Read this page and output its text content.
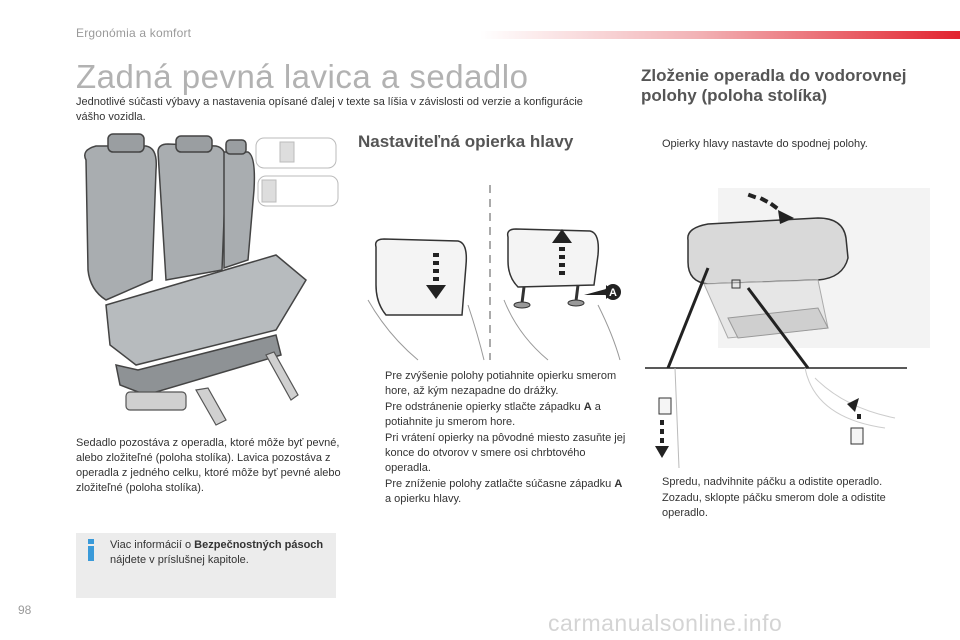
Ergonómia a komfort
Zadná pevná lavica a sedadlo
Jednotlivé súčasti výbavy a nastavenia opísané ďalej v texte sa líšia v závislosti od verzie a konfigurácie vášho vozidla.
A
Zloženie operadla do vodorovnej polohy (poloha stolíka)
Opierky hlavy nastavte do spodnej polohy.
Nastaviteľná opierka hlavy
Pre zvýšenie polohy potiahnite opierku smerom hore, až kým nezapadne do drážky.
Pre odstránenie opierky stlačte západku A a potiahnite ju smerom hore.
Pri vrátení opierky na pôvodné miesto zasuňte jej konce do otvorov v smere osi chrbtového operadla.
Pre zníženie polohy zatlačte súčasne západku A a opierku hlavy.
Spredu, nadvihnite páčku a odistite operadlo.
Zozadu, sklopte páčku smerom dole a odistite operadlo.
Sedadlo pozostáva z operadla, ktoré môže byť pevné, alebo zložiteľné (poloha stolíka). Lavica pozostáva z operadla z jedného celku, ktoré môže byť pevné alebo zložiteľné (poloha stolíka).
Viac informácií o Bezpečnostných pásoch nájdete v príslušnej kapitole.
98	carmanualsonline.info
